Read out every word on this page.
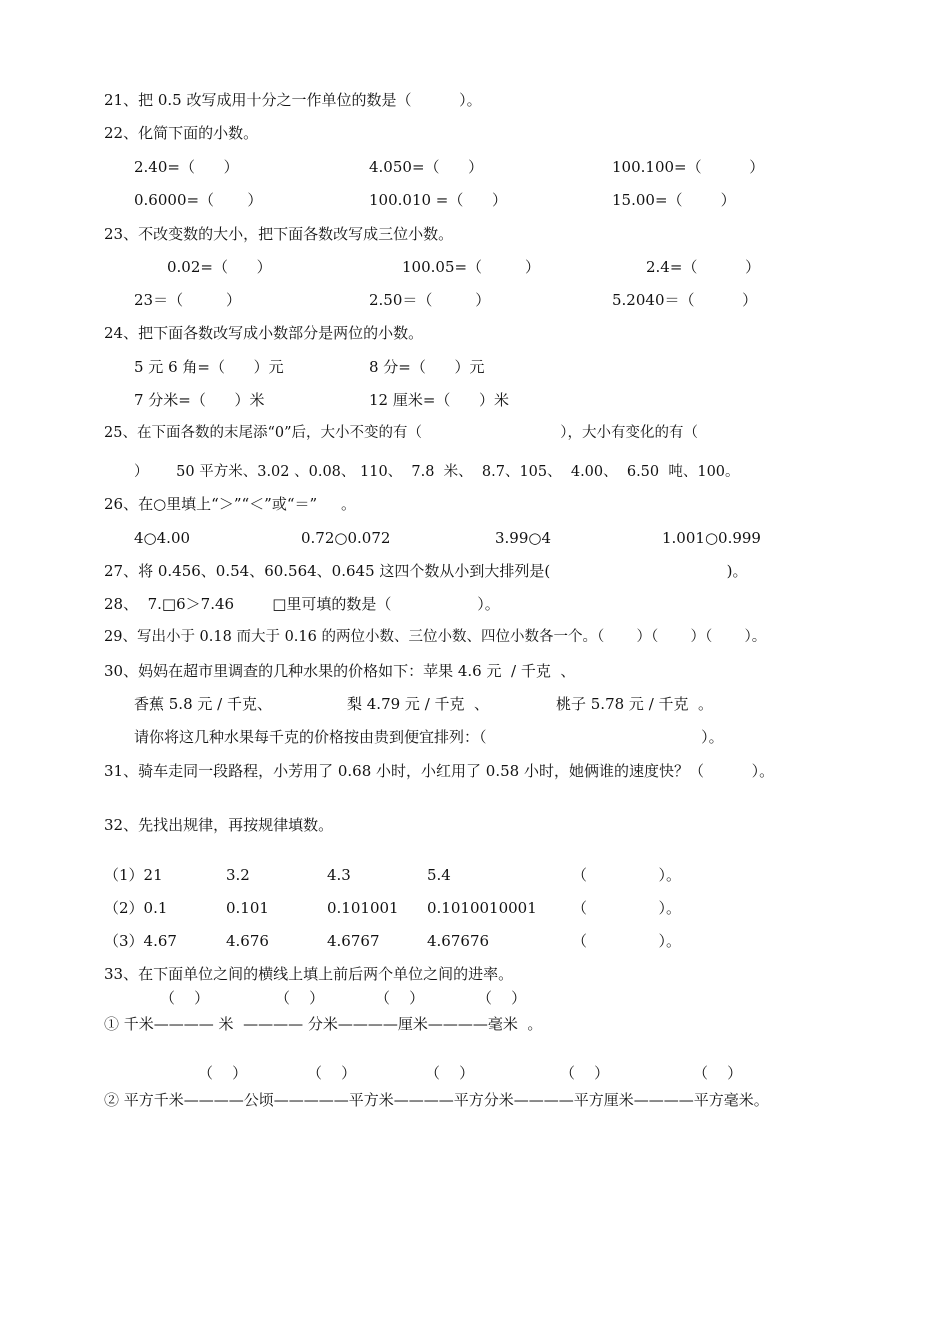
21、把 0.5 改写成用十分之一作单位的数是（          ）。
22、化简下面的小数。
2.40=（      ）	4.050=（      ）	100.100=（          ）
0.6000=（       ）	100.010 =（      ）	15.00=（        ）
23、不改变数的大小，把下面各数改写成三位小数。
0.02=（      ）	100.05=（         ）	2.4=（          ）
23＝（         ）	2.50＝（         ）	5.2040＝（          ）
24、把下面各数改写成小数部分是两位的小数。
5 元 6 角=（      ）元	8 分=（      ）元
7 分米=（      ）米	12 厘米=（      ）米
25、在下面各数的末尾添“0”后，大小不变的有（                              ），大小有变化的有（
）      50 平方米、3.02 、0.08、 110、  7.8  米、  8.7、105、  4.00、  6.50  吨、100。
26、在○里填上“＞”“＜”或“＝”     。
4○4.00	0.72○0.072	3.99○4	1.001○0.999
27、将 0.456、0.54、60.564、0.645 这四个数从小到大排列是(                                     )。
28、  7.□6＞7.46        □里可填的数是（                  ）。
29、写出小于 0.18 而大于 0.16 的两位小数、三位小数、四位小数各一个。（       ）（       ）（       ）。
30、妈妈在超市里调查的几种水果的价格如下：苹果 4.6 元  / 千克  、
香蕉 5.8 元 / 千克、	梨 4.79 元 / 千克  、	桃子 5.78 元 / 千克  。
请你将这几种水果每千克的价格按由贵到便宜排列：（                                             ）。
31、骑车走同一段路程，小芳用了 0.68 小时，小红用了 0.58 小时，她俩谁的速度快？（          ）。
32、先找出规律，再按规律填数。
（1）21	3.2	4.3	5.4	（               ）。
（2）0.1	0.101	0.101001 0.1010010001 （               ）。
（3）4.67	4.676	4.6767	4.67676	（               ）。
33、在下面单位之间的横线上填上前后两个单位之间的进率。
（    ）	（    ）	（    ）	（    ）
① 千米———— 米  ———— 分米————厘米————毫米  。
（    ）	（    ）	（    ）	（    ）	（    ）
② 平方千米————公顷—————平方米————平方分米————平方厘米————平方毫米。
